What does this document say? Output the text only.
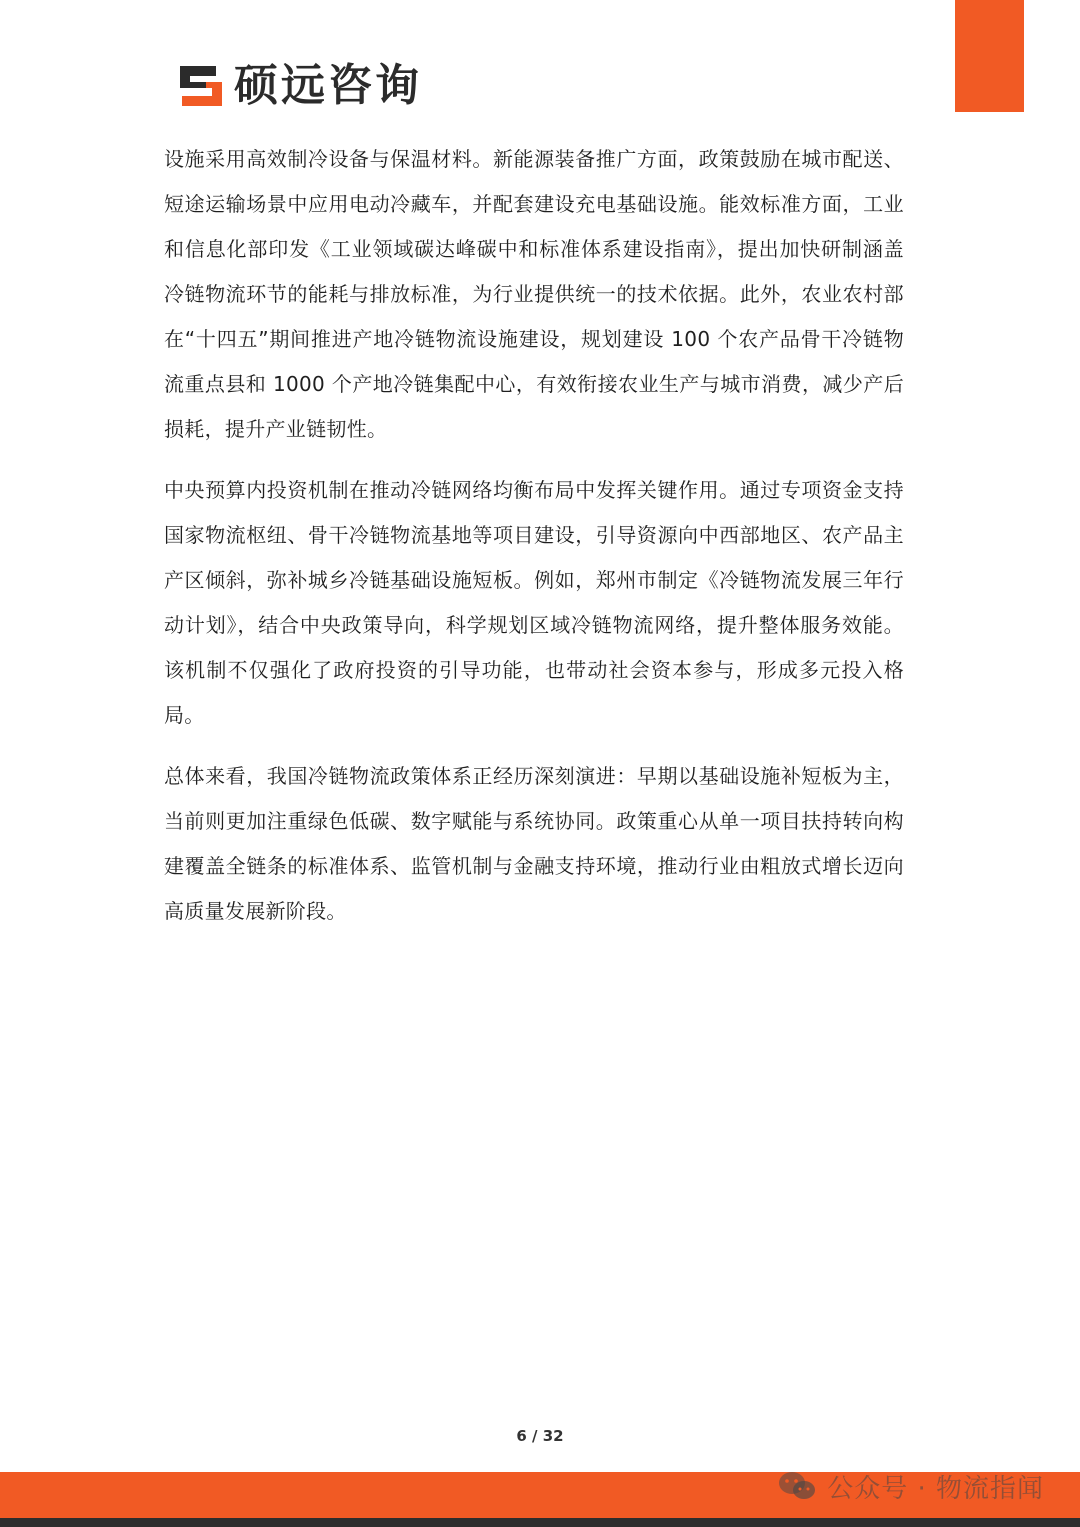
硕远咨询

设施采用高效制冷设备与保温材料。新能源装备推广方面，政策鼓励在城市配送、短途运输场景中应用电动冷藏车，并配套建设充电基础设施。能效标准方面，工业和信息化部印发《工业领域碳达峰碳中和标准体系建设指南》，提出加快研制涵盖冷链物流环节的能耗与排放标准，为行业提供统一的技术依据。此外，农业农村部在“十四五”期间推进产地冷链物流设施建设，规划建设 100 个农产品骨干冷链物流重点县和 1000 个产地冷链集配中心，有效衔接农业生产与城市消费，减少产后损耗，提升产业链韧性。

中央预算内投资机制在推动冷链网络均衡布局中发挥关键作用。通过专项资金支持国家物流枢纽、骨干冷链物流基地等项目建设，引导资源向中西部地区、农产品主产区倾斜，弥补城乡冷链基础设施短板。例如，郑州市制定《冷链物流发展三年行动计划》，结合中央政策导向，科学规划区域冷链物流网络，提升整体服务效能。该机制不仅强化了政府投资的引导功能，也带动社会资本参与，形成多元投入格局。

总体来看，我国冷链物流政策体系正经历深刻演进：早期以基础设施补短板为主，当前则更加注重绿色低碳、数字赋能与系统协同。政策重心从单一项目扶持转向构建覆盖全链条的标准体系、监管机制与金融支持环境，推动行业由粗放式增长迈向高质量发展新阶段。

6 / 32
公众号 · 物流指闻
